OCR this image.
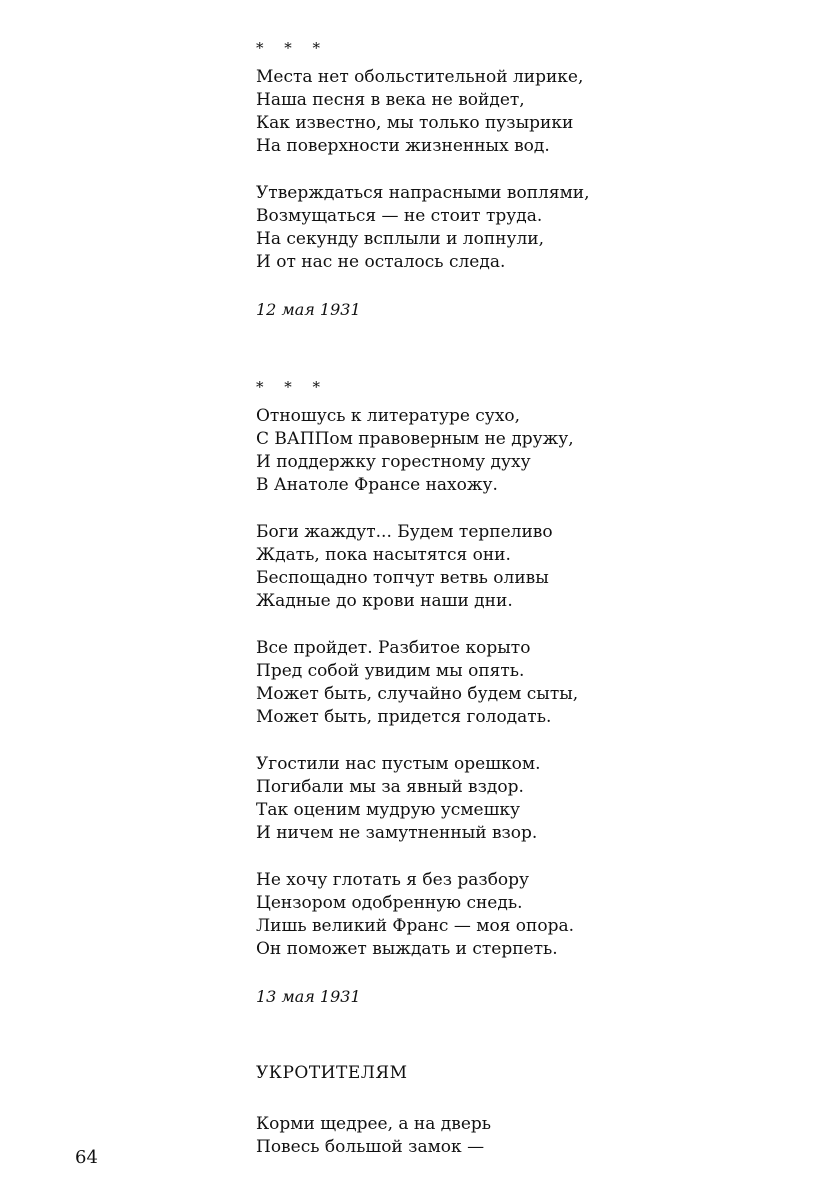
* * *
Места нет обольстительной лирике,
Наша песня в века не войдет,
Как известно, мы только пузырики
На поверхности жизненных вод.
Утверждаться напрасными воплями,
Возмущаться — не стоит труда.
На секунду всплыли и лопнули,
И от нас не осталось следа.
12 мая 1931
* * *
Отношусь к литературе сухо,
С ВАППом правоверным не дружу,
И поддержку горестному духу
В Анатоле Франсе нахожу.
Боги жаждут... Будем терпеливо
Ждать, пока насытятся они.
Беспощадно топчут ветвь оливы
Жадные до крови наши дни.
Все пройдет. Разбитое корыто
Пред собой увидим мы опять.
Может быть, случайно будем сыты,
Может быть, придется голодать.
Угостили нас пустым орешком.
Погибали мы за явный вздор.
Так оценим мудрую усмешку
И ничем не замутненный взор.
Не хочу глотать я без разбору
Цензором одобренную снедь.
Лишь великий Франс — моя опора.
Он поможет выждать и стерпеть.
13 мая 1931
УКРОТИТЕЛЯМ
Корми щедрее, а на дверь
Повесь большой замок —
64
